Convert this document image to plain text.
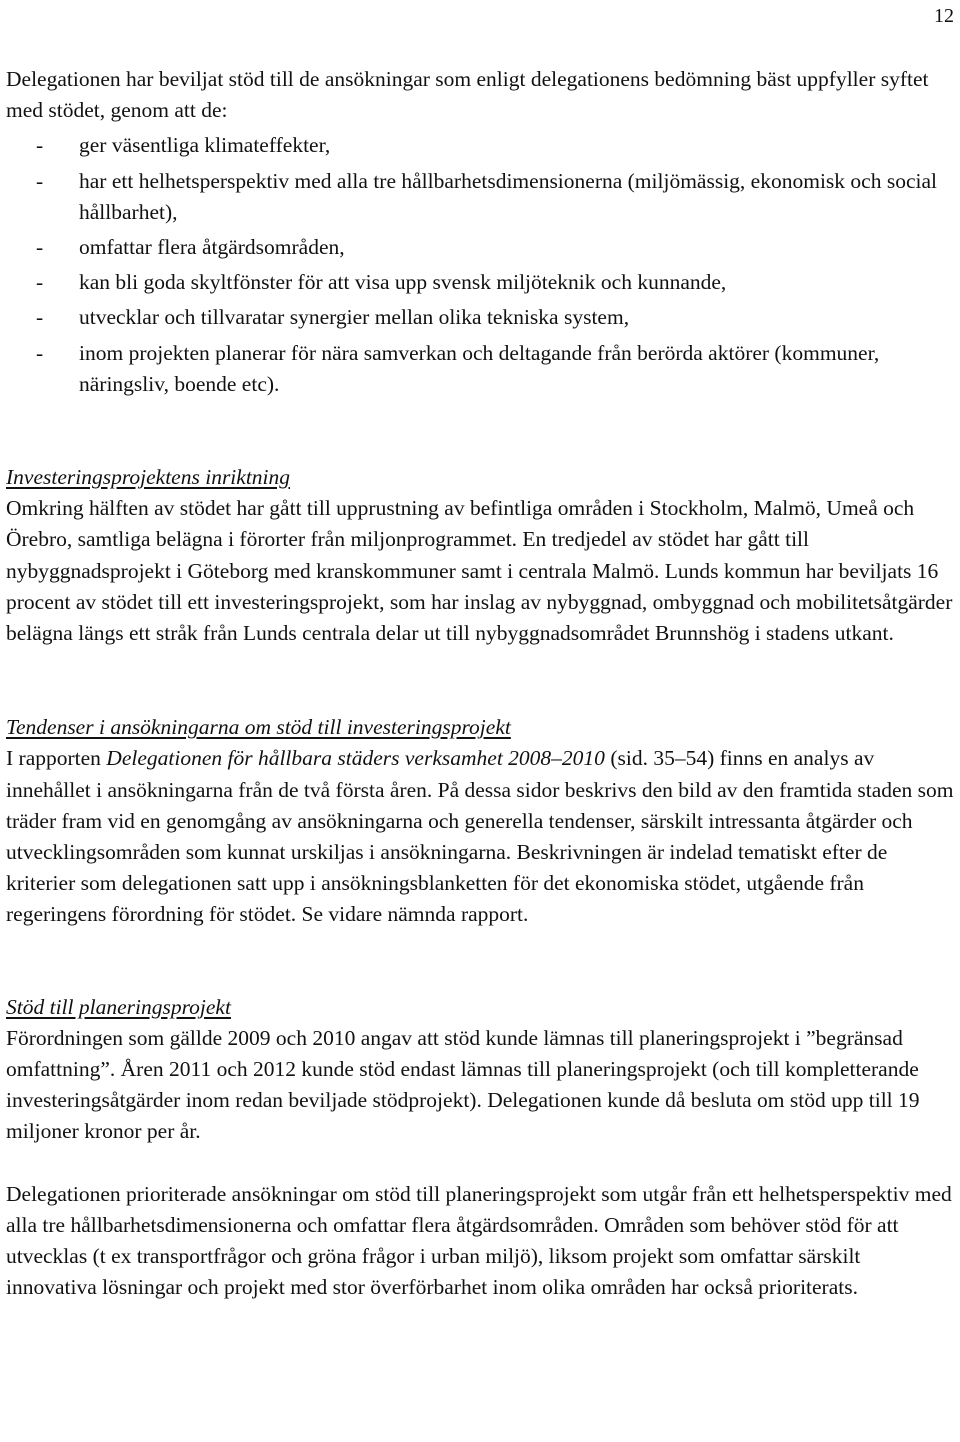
12

Delegationen har beviljat stöd till de ansökningar som enligt delegationens bedömning bäst uppfyller syftet med stödet, genom att de:

- ger väsentliga klimateffekter,
- har ett helhetsperspektiv med alla tre hållbarhetsdimensionerna (miljömässig, ekonomisk och social hållbarhet),
- omfattar flera åtgärdsområden,
- kan bli goda skyltfönster för att visa upp svensk miljöteknik och kunnande,
- utvecklar och tillvaratar synergier mellan olika tekniska system,
- inom projekten planerar för nära samverkan och deltagande från berörda aktörer (kommuner, näringsliv, boende etc).
Investeringsprojektens inriktning

Omkring hälften av stödet har gått till upprustning av befintliga områden i Stockholm, Malmö, Umeå och Örebro, samtliga belägna i förorter från miljonprogrammet. En tredjedel av stödet har gått till nybyggnadsprojekt i Göteborg med kranskommuner samt i centrala Malmö. Lunds kommun har beviljats 16 procent av stödet till ett investeringsprojekt, som har inslag av nybyggnad, ombyggnad och mobilitetsåtgärder belägna längs ett stråk från Lunds centrala delar ut till nybyggnadsområdet Brunnshög i stadens utkant.

Tendenser i ansökningarna om stöd till investeringsprojekt

I rapporten Delegationen för hållbara städers verksamhet 2008–2010 (sid. 35–54) finns en analys av innehållet i ansökningarna från de två första åren. På dessa sidor beskrivs den bild av den framtida staden som träder fram vid en genomgång av ansökningarna och generella tendenser, särskilt intressanta åtgärder och utvecklingsområden som kunnat urskiljas i ansökningarna. Beskrivningen är indelad tematiskt efter de kriterier som delegationen satt upp i ansökningsblanketten för det ekonomiska stödet, utgående från regeringens förordning för stödet. Se vidare nämnda rapport.

Stöd till planeringsprojekt

Förordningen som gällde 2009 och 2010 angav att stöd kunde lämnas till planeringsprojekt i ”begränsad omfattning”. Åren 2011 och 2012 kunde stöd endast lämnas till planeringsprojekt (och till kompletterande investeringsåtgärder inom redan beviljade stödprojekt). Delegationen kunde då besluta om stöd upp till 19 miljoner kronor per år.

Delegationen prioriterade ansökningar om stöd till planeringsprojekt som utgår från ett helhetsperspektiv med alla tre hållbarhetsdimensionerna och omfattar flera åtgärdsområden. Områden som behöver stöd för att utvecklas (t ex transportfrågor och gröna frågor i urban miljö), liksom projekt som omfattar särskilt innovativa lösningar och projekt med stor överförbarhet inom olika områden har också prioriterats.
